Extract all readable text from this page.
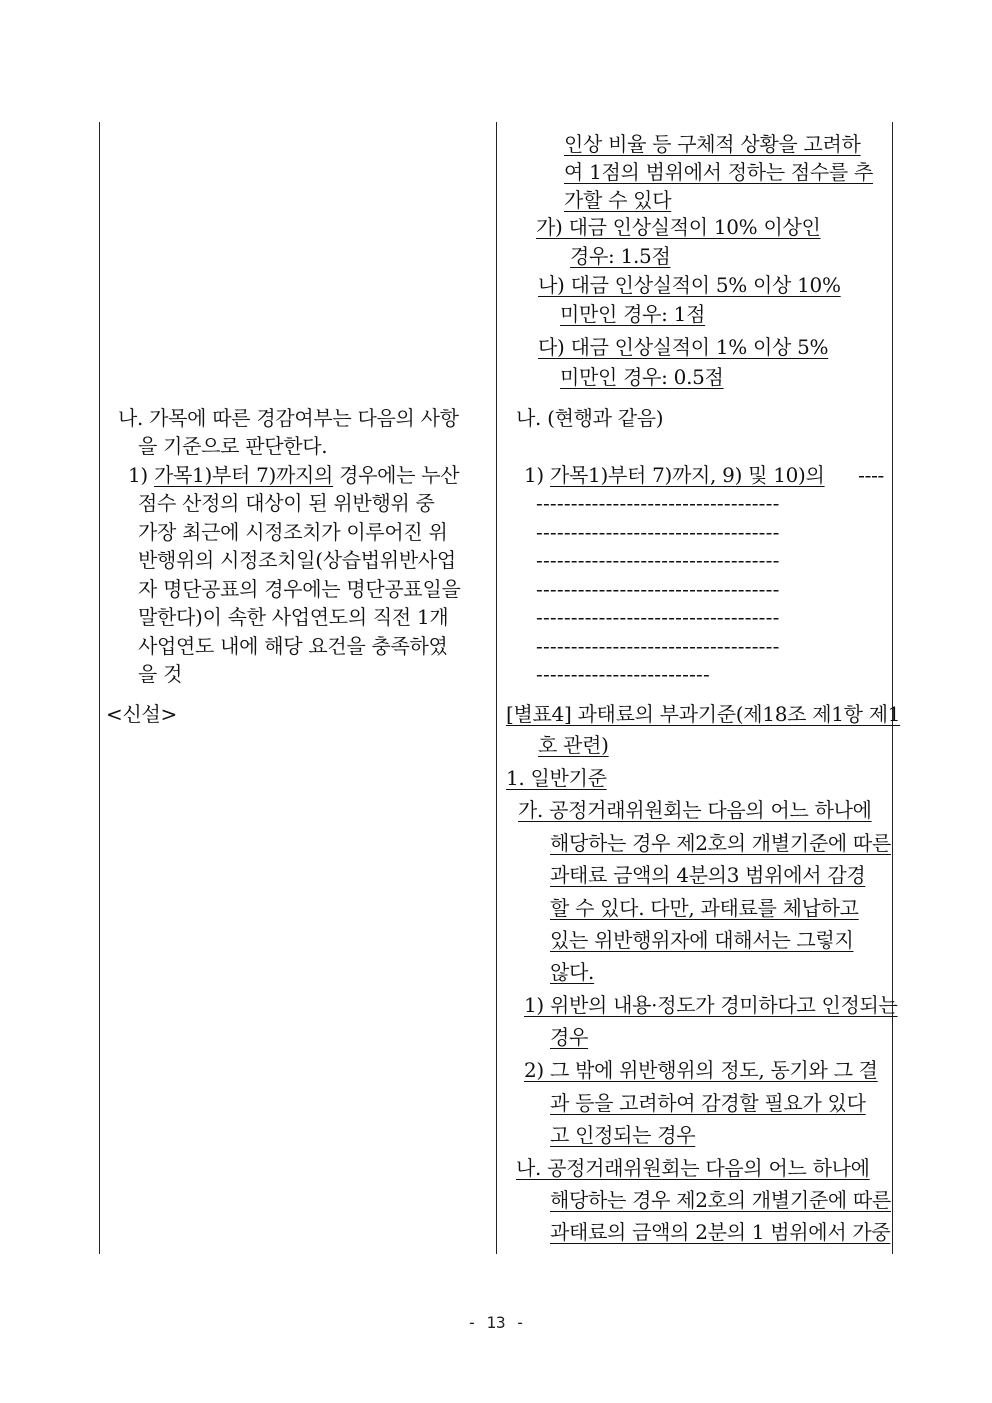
나. 가목에 따른 경감여부는 다음의 사항
을 기준으로 판단한다.
1) 가목1)부터 7)까지의 경우에는 누산
점수 산정의 대상이 된 위반행위 중
가장 최근에 시정조치가 이루어진 위
반행위의 시정조치일(상습법위반사업
자 명단공표의 경우에는 명단공표일을
말한다)이 속한 사업연도의 직전 1개
사업연도 내에 해당 요건을 충족하였
을 것
<신설>
인상 비율 등 구체적 상황을 고려하
여 1점의 범위에서 정하는 점수를 추
가할 수 있다
가) 대금 인상실적이 10% 이상인
경우: 1.5점
나) 대금 인상실적이 5% 이상 10%
미만인 경우: 1점
다) 대금 인상실적이 1% 이상 5%
미만인 경우: 0.5점
나. (현행과 같음)
1) 가목1)부터 7)까지, 9) 및 10)의 ----
-----------------------------------
-----------------------------------
-----------------------------------
-----------------------------------
-----------------------------------
-----------------------------------
-------------------------
[별표4] 과태료의 부과기준(제18조 제1항 제1
호 관련)
1. 일반기준
가. 공정거래위원회는 다음의 어느 하나에
해당하는 경우 제2호의 개별기준에 따른
과태료 금액의 4분의3 범위에서 감경
할 수 있다. 다만, 과태료를 체납하고
있는 위반행위자에 대해서는 그렇지
않다.
1) 위반의 내용·정도가 경미하다고 인정되는
경우
2) 그 밖에 위반행위의 정도, 동기와 그 결
과 등을 고려하여 감경할 필요가 있다
고 인정되는 경우
나. 공정거래위원회는 다음의 어느 하나에
해당하는 경우 제2호의 개별기준에 따른
과태료의 금액의 2분의 1 범위에서 가중
- 13 -
